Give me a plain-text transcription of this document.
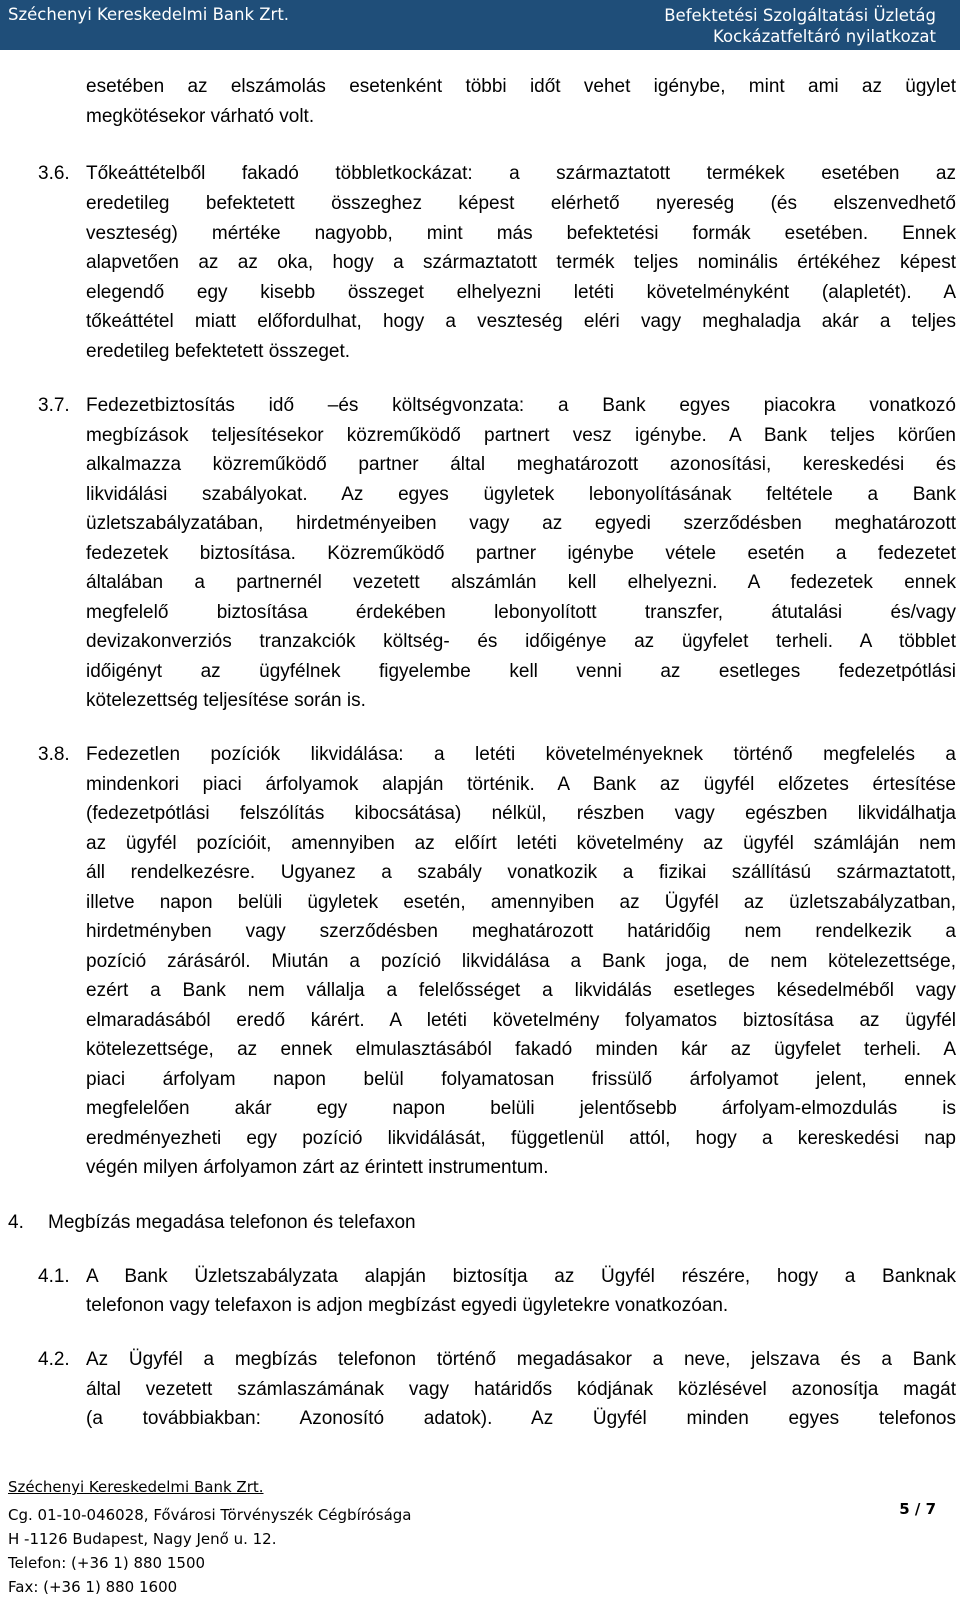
Széchenyi Kereskedelmi Bank Zrt.	Befektetési Szolgáltatási Üzletág
Kockázatfeltáró nyilatkozat
esetében az elszámolás esetenként többi időt vehet igénybe, mint ami az ügylet
megkötésekor várható volt.
3.6. Tőkeáttételből fakadó többletkockázat: a származtatott termékek esetében az
eredetileg befektetett összeghez képest elérhető nyereség (és elszenvedhető
veszteség) mértéke nagyobb, mint más befektetési formák esetében. Ennek
alapvetően az az oka, hogy a származtatott termék teljes nominális értékéhez képest
elegendő egy kisebb összeget elhelyezni letéti követelményként (alapletét). A
tőkeáttétel miatt előfordulhat, hogy a veszteség eléri vagy meghaladja akár a teljes
eredetileg befektetett összeget.
3.7. Fedezetbiztosítás idő –és költségvonzata: a Bank egyes piacokra vonatkozó
megbízások teljesítésekor közreműködő partnert vesz igénybe. A Bank teljes körűen
alkalmazza közreműködő partner által meghatározott azonosítási, kereskedési és
likvidálási szabályokat. Az egyes ügyletek lebonyolításának feltétele a Bank
üzletszabályzatában, hirdetményeiben vagy az egyedi szerződésben meghatározott
fedezetek biztosítása. Közreműködő partner igénybe vétele esetén a fedezetet
általában a partnernél vezetett alszámlán kell elhelyezni. A fedezetek ennek
megfelelő biztosítása érdekében lebonyolított transzfer, átutalási és/vagy
devizakonverziós tranzakciók költség- és időigénye az ügyfelet terheli. A többlet
időigényt az ügyfélnek figyelembe kell venni az esetleges fedezetpótlási
kötelezettség teljesítése során is.
3.8. Fedezetlen pozíciók likvidálása: a letéti követelményeknek történő megfelelés a
mindenkori piaci árfolyamok alapján történik. A Bank az ügyfél előzetes értesítése
(fedezetpótlási felszólítás kibocsátása) nélkül, részben vagy egészben likvidálhatja
az ügyfél pozícióit, amennyiben az előírt letéti követelmény az ügyfél számláján nem
áll rendelkezésre. Ugyanez a szabály vonatkozik a fizikai szállítású származtatott,
illetve napon belüli ügyletek esetén, amennyiben az Ügyfél az üzletszabályzatban,
hirdetményben vagy szerződésben meghatározott határidőig nem rendelkezik a
pozíció zárásáról. Miután a pozíció likvidálása a Bank joga, de nem kötelezettsége,
ezért a Bank nem vállalja a felelősséget a likvidálás esetleges késedelméből vagy
elmaradásából eredő kárért. A letéti követelmény folyamatos biztosítása az ügyfél
kötelezettsége, az ennek elmulasztásából fakadó minden kár az ügyfelet terheli. A
piaci árfolyam napon belül folyamatosan frissülő árfolyamot jelent, ennek
megfelelően akár egy napon belüli jelentősebb árfolyam-elmozdulás is
eredményezheti egy pozíció likvidálását, függetlenül attól, hogy a kereskedési nap
végén milyen árfolyamon zárt az érintett instrumentum.
4. Megbízás megadása telefonon és telefaxon
4.1. A Bank Üzletszabályzata alapján biztosítja az Ügyfél részére, hogy a Banknak
telefonon vagy telefaxon is adjon megbízást egyedi ügyletekre vonatkozóan.
4.2. Az Ügyfél a megbízás telefonon történő megadásakor a neve, jelszava és a Bank
által vezetett számlaszámának vagy határidős kódjának közlésével azonosítja magát
(a továbbiakban: Azonosító adatok). Az Ügyfél minden egyes telefonos
Széchenyi Kereskedelmi Bank Zrt.
Cg. 01-10-046028, Fővárosi Törvényszék Cégbírósága
H -1126 Budapest, Nagy Jenő u. 12.
Telefon: (+36 1) 880 1500
Fax: (+36 1) 880 1600
5 / 7
